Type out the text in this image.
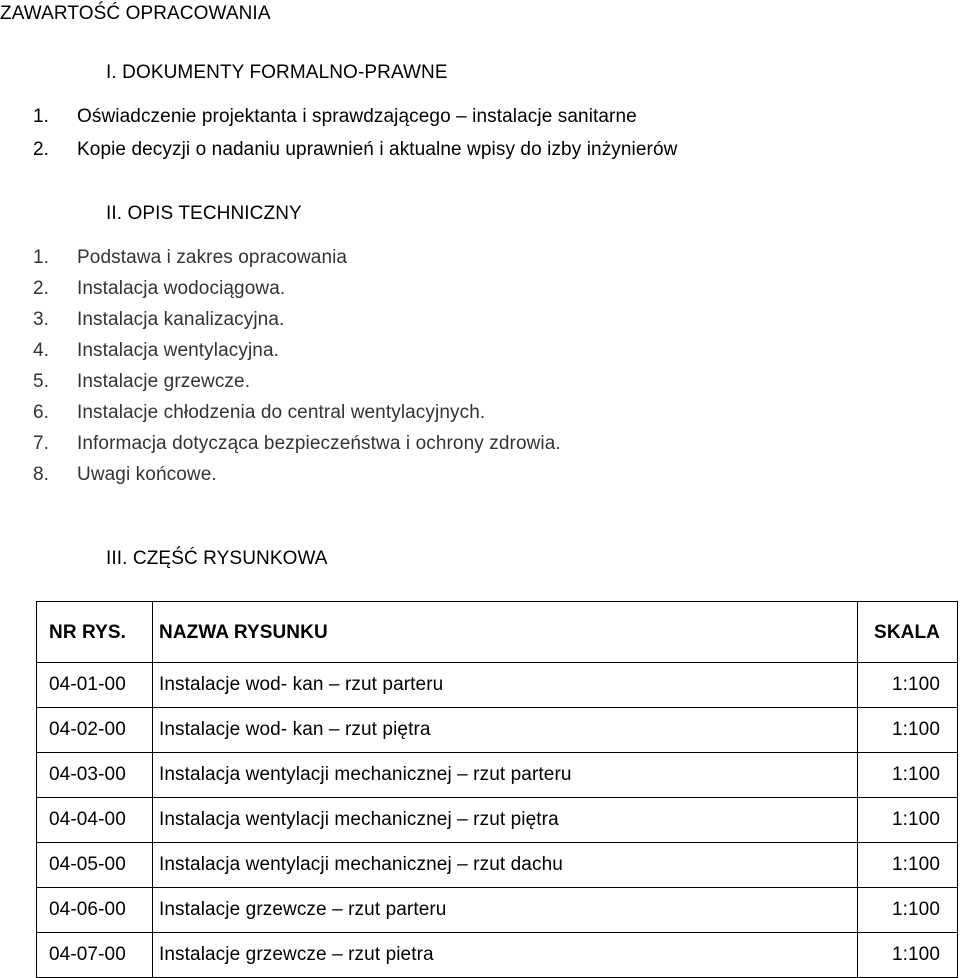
ZAWARTOŚĆ OPRACOWANIA
I. DOKUMENTY FORMALNO-PRAWNE
1. Oświadczenie projektanta i sprawdzającego – instalacje sanitarne
2. Kopie decyzji o nadaniu uprawnień i aktualne wpisy do izby inżynierów
II. OPIS TECHNICZNY
1. Podstawa i zakres opracowania
2. Instalacja wodociągowa.
3. Instalacja kanalizacyjna.
4. Instalacja wentylacyjna.
5. Instalacje grzewcze.
6. Instalacje chłodzenia do central wentylacyjnych.
7. Informacja dotycząca bezpieczeństwa i ochrony zdrowia.
8. Uwagi końcowe.
III. CZĘŚĆ RYSUNKOWA
NR RYS.	NAZWA RYSUNKU	SKALA
04-01-00	Instalacje wod- kan – rzut parteru	1:100
04-02-00	Instalacje wod- kan – rzut piętra	1:100
04-03-00	Instalacja wentylacji mechanicznej – rzut parteru	1:100
04-04-00	Instalacja wentylacji mechanicznej – rzut piętra	1:100
04-05-00	Instalacja wentylacji mechanicznej – rzut dachu	1:100
04-06-00	Instalacje grzewcze – rzut parteru	1:100
04-07-00	Instalacje grzewcze – rzut pietra	1:100
